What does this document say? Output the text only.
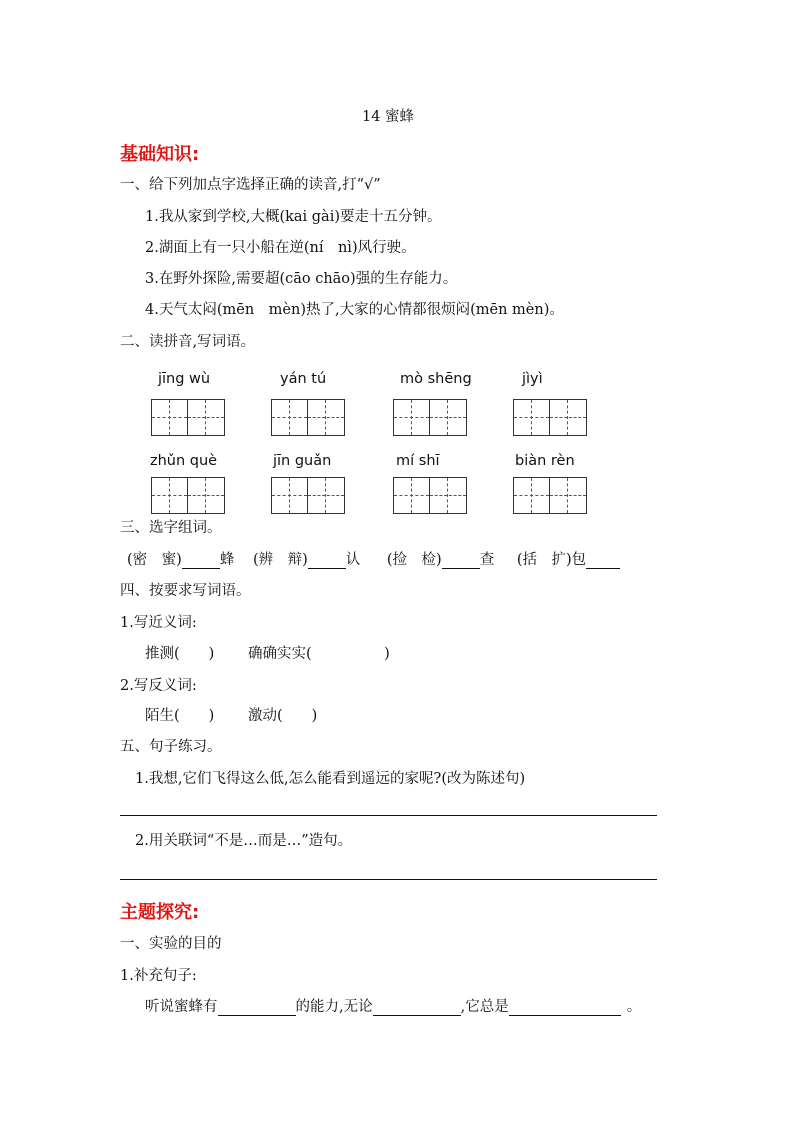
14 蜜蜂
基础知识:
一、给下列加点字选择正确的读音,打“√”
1.我从家到学校,大概(kai gài)要走十五分钟。
2.湖面上有一只小船在逆(ní　nì)风行驶。
3.在野外探险,需要超(cāo chāo)强的生存能力。
4.天气太闷(mēn　mèn)热了,大家的心情都很烦闷(mēn mèn)。
二、读拼音,写词语。
jīng wù	yán tú	mò shēng	jìyì
zhǔn què	jīn guǎn	mí shī	biàn rèn
三、选字组词。
(密　蜜)	蜂 (辨　辩)	认 (捡　检)	查 (括　扩)包
四、按要求写词语。
1.写近义词:
推测(　　) 确确实实(　　　　　)
2.写反义词:
陌生(　　) 激动(　　)
五、句子练习。
1.我想,它们飞得这么低,怎么能看到遥远的家呢?(改为陈述句)
2.用关联词“不是…而是…”造句。
主题探究:
一、实验的目的
1.补充句子:
听说蜜蜂有	的能力,无论	,它总是	。
